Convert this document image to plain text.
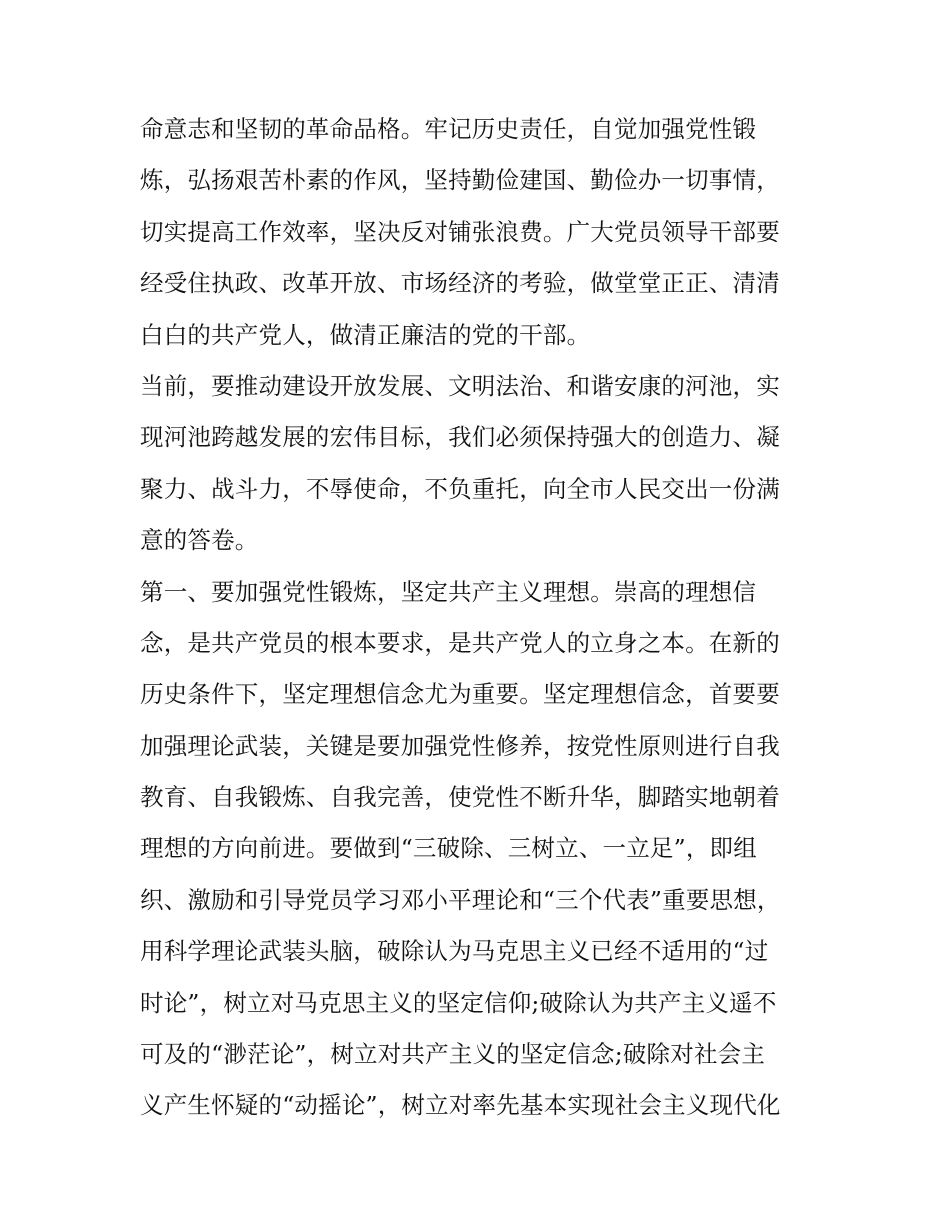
命意志和坚韧的革命品格。牢记历史责任，自觉加强党性锻
炼，弘扬艰苦朴素的作风，坚持勤俭建国、勤俭办一切事情，
切实提高工作效率，坚决反对铺张浪费。广大党员领导干部要
经受住执政、改革开放、市场经济的考验，做堂堂正正、清清
白白的共产党人，做清正廉洁的党的干部。
当前，要推动建设开放发展、文明法治、和谐安康的河池，实
现河池跨越发展的宏伟目标，我们必须保持强大的创造力、凝
聚力、战斗力，不辱使命，不负重托，向全市人民交出一份满
意的答卷。
第一、要加强党性锻炼，坚定共产主义理想。崇高的理想信
念，是共产党员的根本要求，是共产党人的立身之本。在新的
历史条件下，坚定理想信念尤为重要。坚定理想信念，首要要
加强理论武装，关键是要加强党性修养，按党性原则进行自我
教育、自我锻炼、自我完善，使党性不断升华，脚踏实地朝着
理想的方向前进。要做到“三破除、三树立、一立足”，即组
织、激励和引导党员学习邓小平理论和“三个代表”重要思想，
用科学理论武装头脑，破除认为马克思主义已经不适用的“过
时论”，树立对马克思主义的坚定信仰;破除认为共产主义遥不
可及的“渺茫论”，树立对共产主义的坚定信念;破除对社会主
义产生怀疑的“动摇论”，树立对率先基本实现社会主义现代化
